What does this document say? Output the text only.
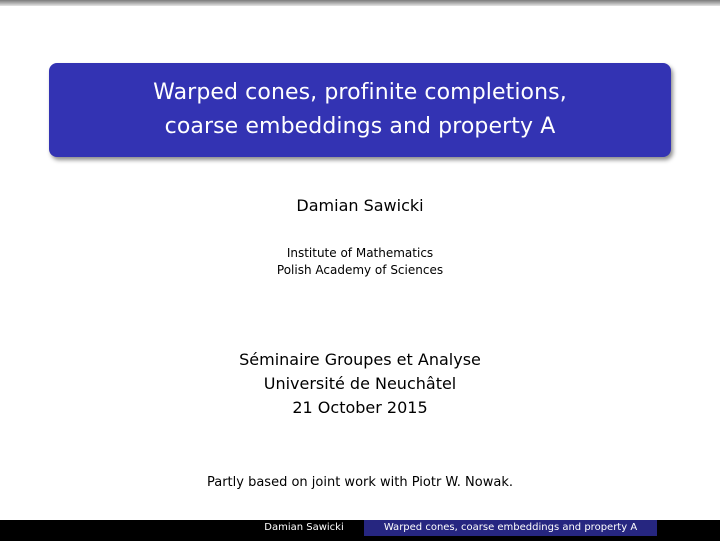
Warped cones, profinite completions,
coarse embeddings and property A
Damian Sawicki
Institute of Mathematics
Polish Academy of Sciences
Séminaire Groupes et Analyse
Université de Neuchâtel
21 October 2015
Partly based on joint work with Piotr W. Nowak.
Damian Sawicki	Warped cones, coarse embeddings and property A
